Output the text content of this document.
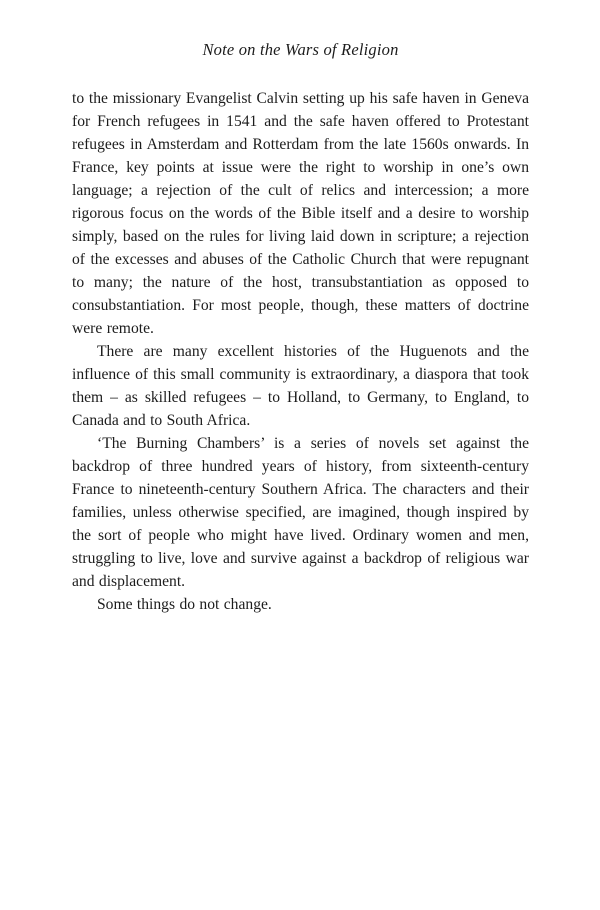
Note on the Wars of Religion

to the missionary Evangelist Calvin setting up his safe haven in Geneva for French refugees in 1541 and the safe haven offered to Protestant refugees in Amsterdam and Rotterdam from the late 1560s onwards. In France, key points at issue were the right to worship in one’s own language; a rejection of the cult of relics and intercession; a more rigorous focus on the words of the Bible itself and a desire to worship simply, based on the rules for living laid down in scripture; a rejection of the excesses and abuses of the Catholic Church that were repugnant to many; the nature of the host, transubstantiation as opposed to consubstantiation. For most people, though, these matters of doctrine were remote.

There are many excellent histories of the Huguenots and the influence of this small community is extraordinary, a diaspora that took them – as skilled refugees – to Holland, to Germany, to England, to Canada and to South Africa.

‘The Burning Chambers’ is a series of novels set against the backdrop of three hundred years of history, from sixteenth-century France to nineteenth-century Southern Africa. The characters and their families, unless otherwise specified, are imagined, though inspired by the sort of people who might have lived. Ordinary women and men, struggling to live, love and survive against a backdrop of religious war and displacement.

Some things do not change.
